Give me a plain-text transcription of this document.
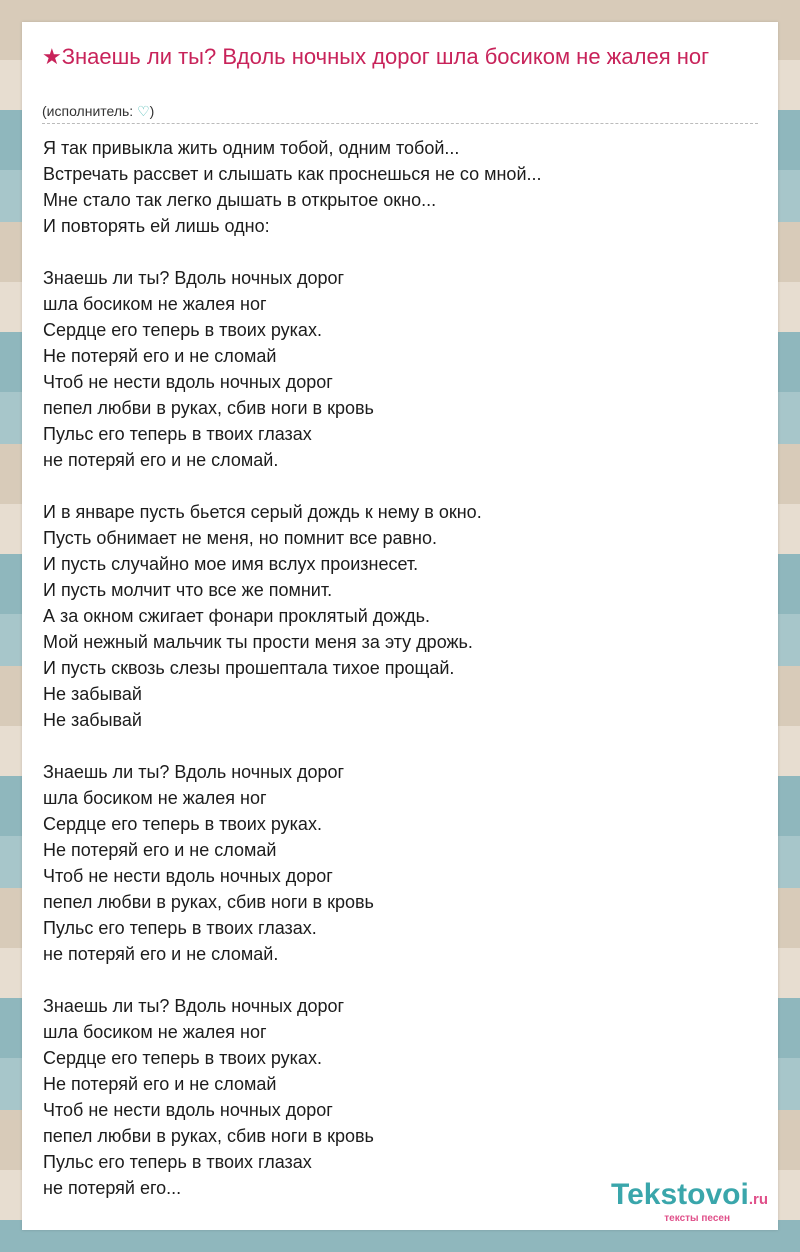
★Знаешь ли ты? Вдоль ночных дорог шла босиком не жалея ног
(исполнитель: ♡)
Я так привыкла жить одним тобой, одним тобой...
Встречать рассвет и слышать как проснешься не со мной...
Мне стало так легко дышать в открытое окно...
И повторять ей лишь одно:
Знаешь ли ты? Вдоль ночных дорог
шла босиком не жалея ног
Сердце его теперь в твоих руках.
Не потеряй его и не сломай
Чтоб не нести вдоль ночных дорог
пепел любви в руках, сбив ноги в кровь
Пульс его теперь в твоих глазах
не потеряй его и не сломай.
И в январе пусть бьется серый дождь к нему в окно.
Пусть обнимает не меня, но помнит все равно.
И пусть случайно мое имя вслух произнесет.
И пусть молчит что все же помнит.
А за окном сжигает фонари проклятый дождь.
Мой нежный мальчик ты прости меня за эту дрожь.
И пусть сквозь слезы прошептала тихое прощай.
Не забывай
Не забывай
Знаешь ли ты? Вдоль ночных дорог
шла босиком не жалея ног
Сердце его теперь в твоих руках.
Не потеряй его и не сломай
Чтоб не нести вдоль ночных дорог
пепел любви в руках, сбив ноги в кровь
Пульс его теперь в твоих глазах.
не потеряй его и не сломай.
Знаешь ли ты? Вдоль ночных дорог
шла босиком не жалея ног
Сердце его теперь в твоих руках.
Не потеряй его и не сломай
Чтоб не нести вдоль ночных дорог
пепел любви в руках, сбив ноги в кровь
Пульс его теперь в твоих глазах
не потеряй его...	Tekstovoi.ru
тексты песен
